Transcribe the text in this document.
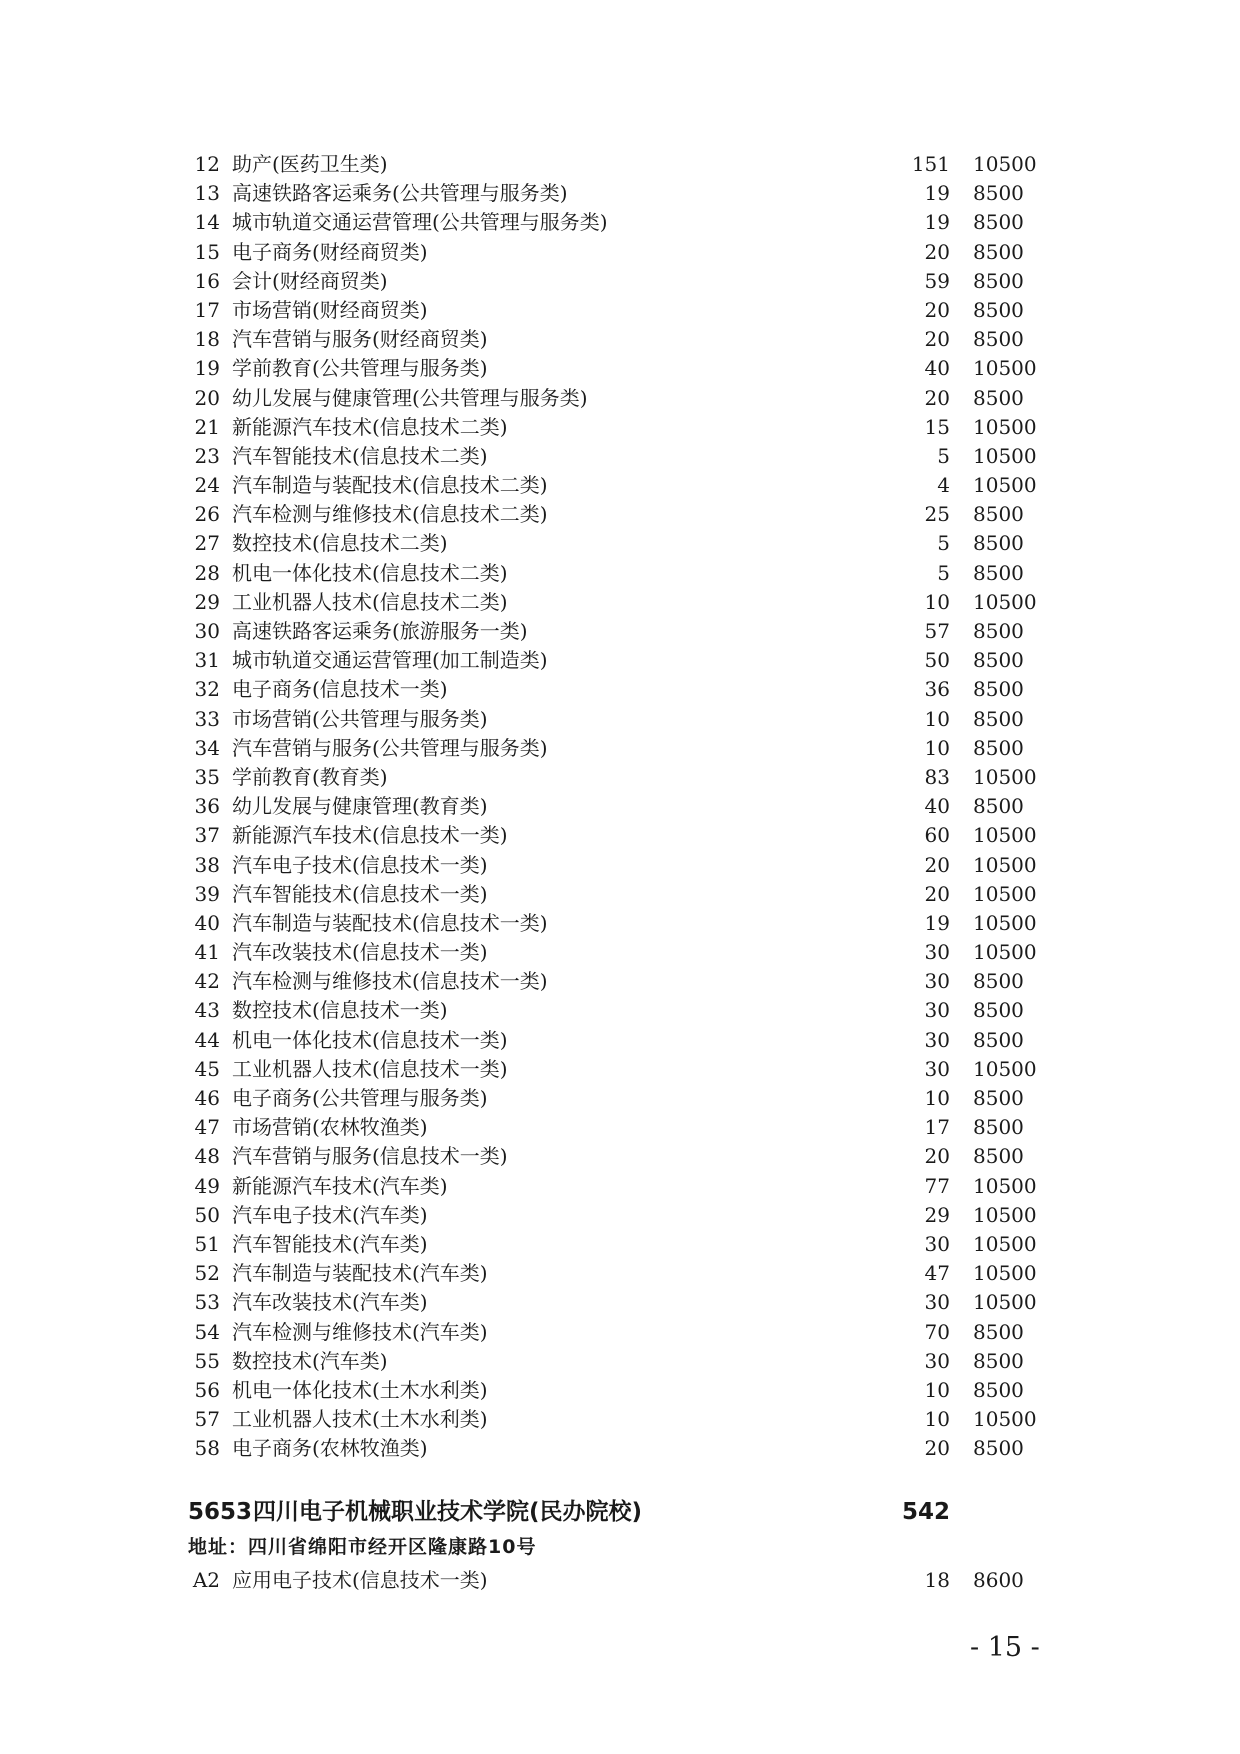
12 助产(医药卫生类)	151 10500
13 高速铁路客运乘务(公共管理与服务类)	19 8500
14 城市轨道交通运营管理(公共管理与服务类)	19 8500
15 电子商务(财经商贸类)	20 8500
16 会计(财经商贸类)	59 8500
17 市场营销(财经商贸类)	20 8500
18 汽车营销与服务(财经商贸类)	20 8500
19 学前教育(公共管理与服务类)	40 10500
20 幼儿发展与健康管理(公共管理与服务类)	20 8500
21 新能源汽车技术(信息技术二类)	15 10500
23 汽车智能技术(信息技术二类)	5 10500
24 汽车制造与装配技术(信息技术二类)	4 10500
26 汽车检测与维修技术(信息技术二类)	25 8500
27 数控技术(信息技术二类)	5 8500
28 机电一体化技术(信息技术二类)	5 8500
29 工业机器人技术(信息技术二类)	10 10500
30 高速铁路客运乘务(旅游服务一类)	57 8500
31 城市轨道交通运营管理(加工制造类)	50 8500
32 电子商务(信息技术一类)	36 8500
33 市场营销(公共管理与服务类)	10 8500
34 汽车营销与服务(公共管理与服务类)	10 8500
35 学前教育(教育类)	83 10500
36 幼儿发展与健康管理(教育类)	40 8500
37 新能源汽车技术(信息技术一类)	60 10500
38 汽车电子技术(信息技术一类)	20 10500
39 汽车智能技术(信息技术一类)	20 10500
40 汽车制造与装配技术(信息技术一类)	19 10500
41 汽车改装技术(信息技术一类)	30 10500
42 汽车检测与维修技术(信息技术一类)	30 8500
43 数控技术(信息技术一类)	30 8500
44 机电一体化技术(信息技术一类)	30 8500
45 工业机器人技术(信息技术一类)	30 10500
46 电子商务(公共管理与服务类)	10 8500
47 市场营销(农林牧渔类)	17 8500
48 汽车营销与服务(信息技术一类)	20 8500
49 新能源汽车技术(汽车类)	77 10500
50 汽车电子技术(汽车类)	29 10500
51 汽车智能技术(汽车类)	30 10500
52 汽车制造与装配技术(汽车类)	47 10500
53 汽车改装技术(汽车类)	30 10500
54 汽车检测与维修技术(汽车类)	70 8500
55 数控技术(汽车类)	30 8500
56 机电一体化技术(土木水利类)	10 8500
57 工业机器人技术(土木水利类)	10 10500
58 电子商务(农林牧渔类)	20 8500
5653 四川电子机械职业技术学院(民办院校)	542
地址：四川省绵阳市经开区隆康路10号
A2 应用电子技术(信息技术一类)	18 8600
- 15 -
